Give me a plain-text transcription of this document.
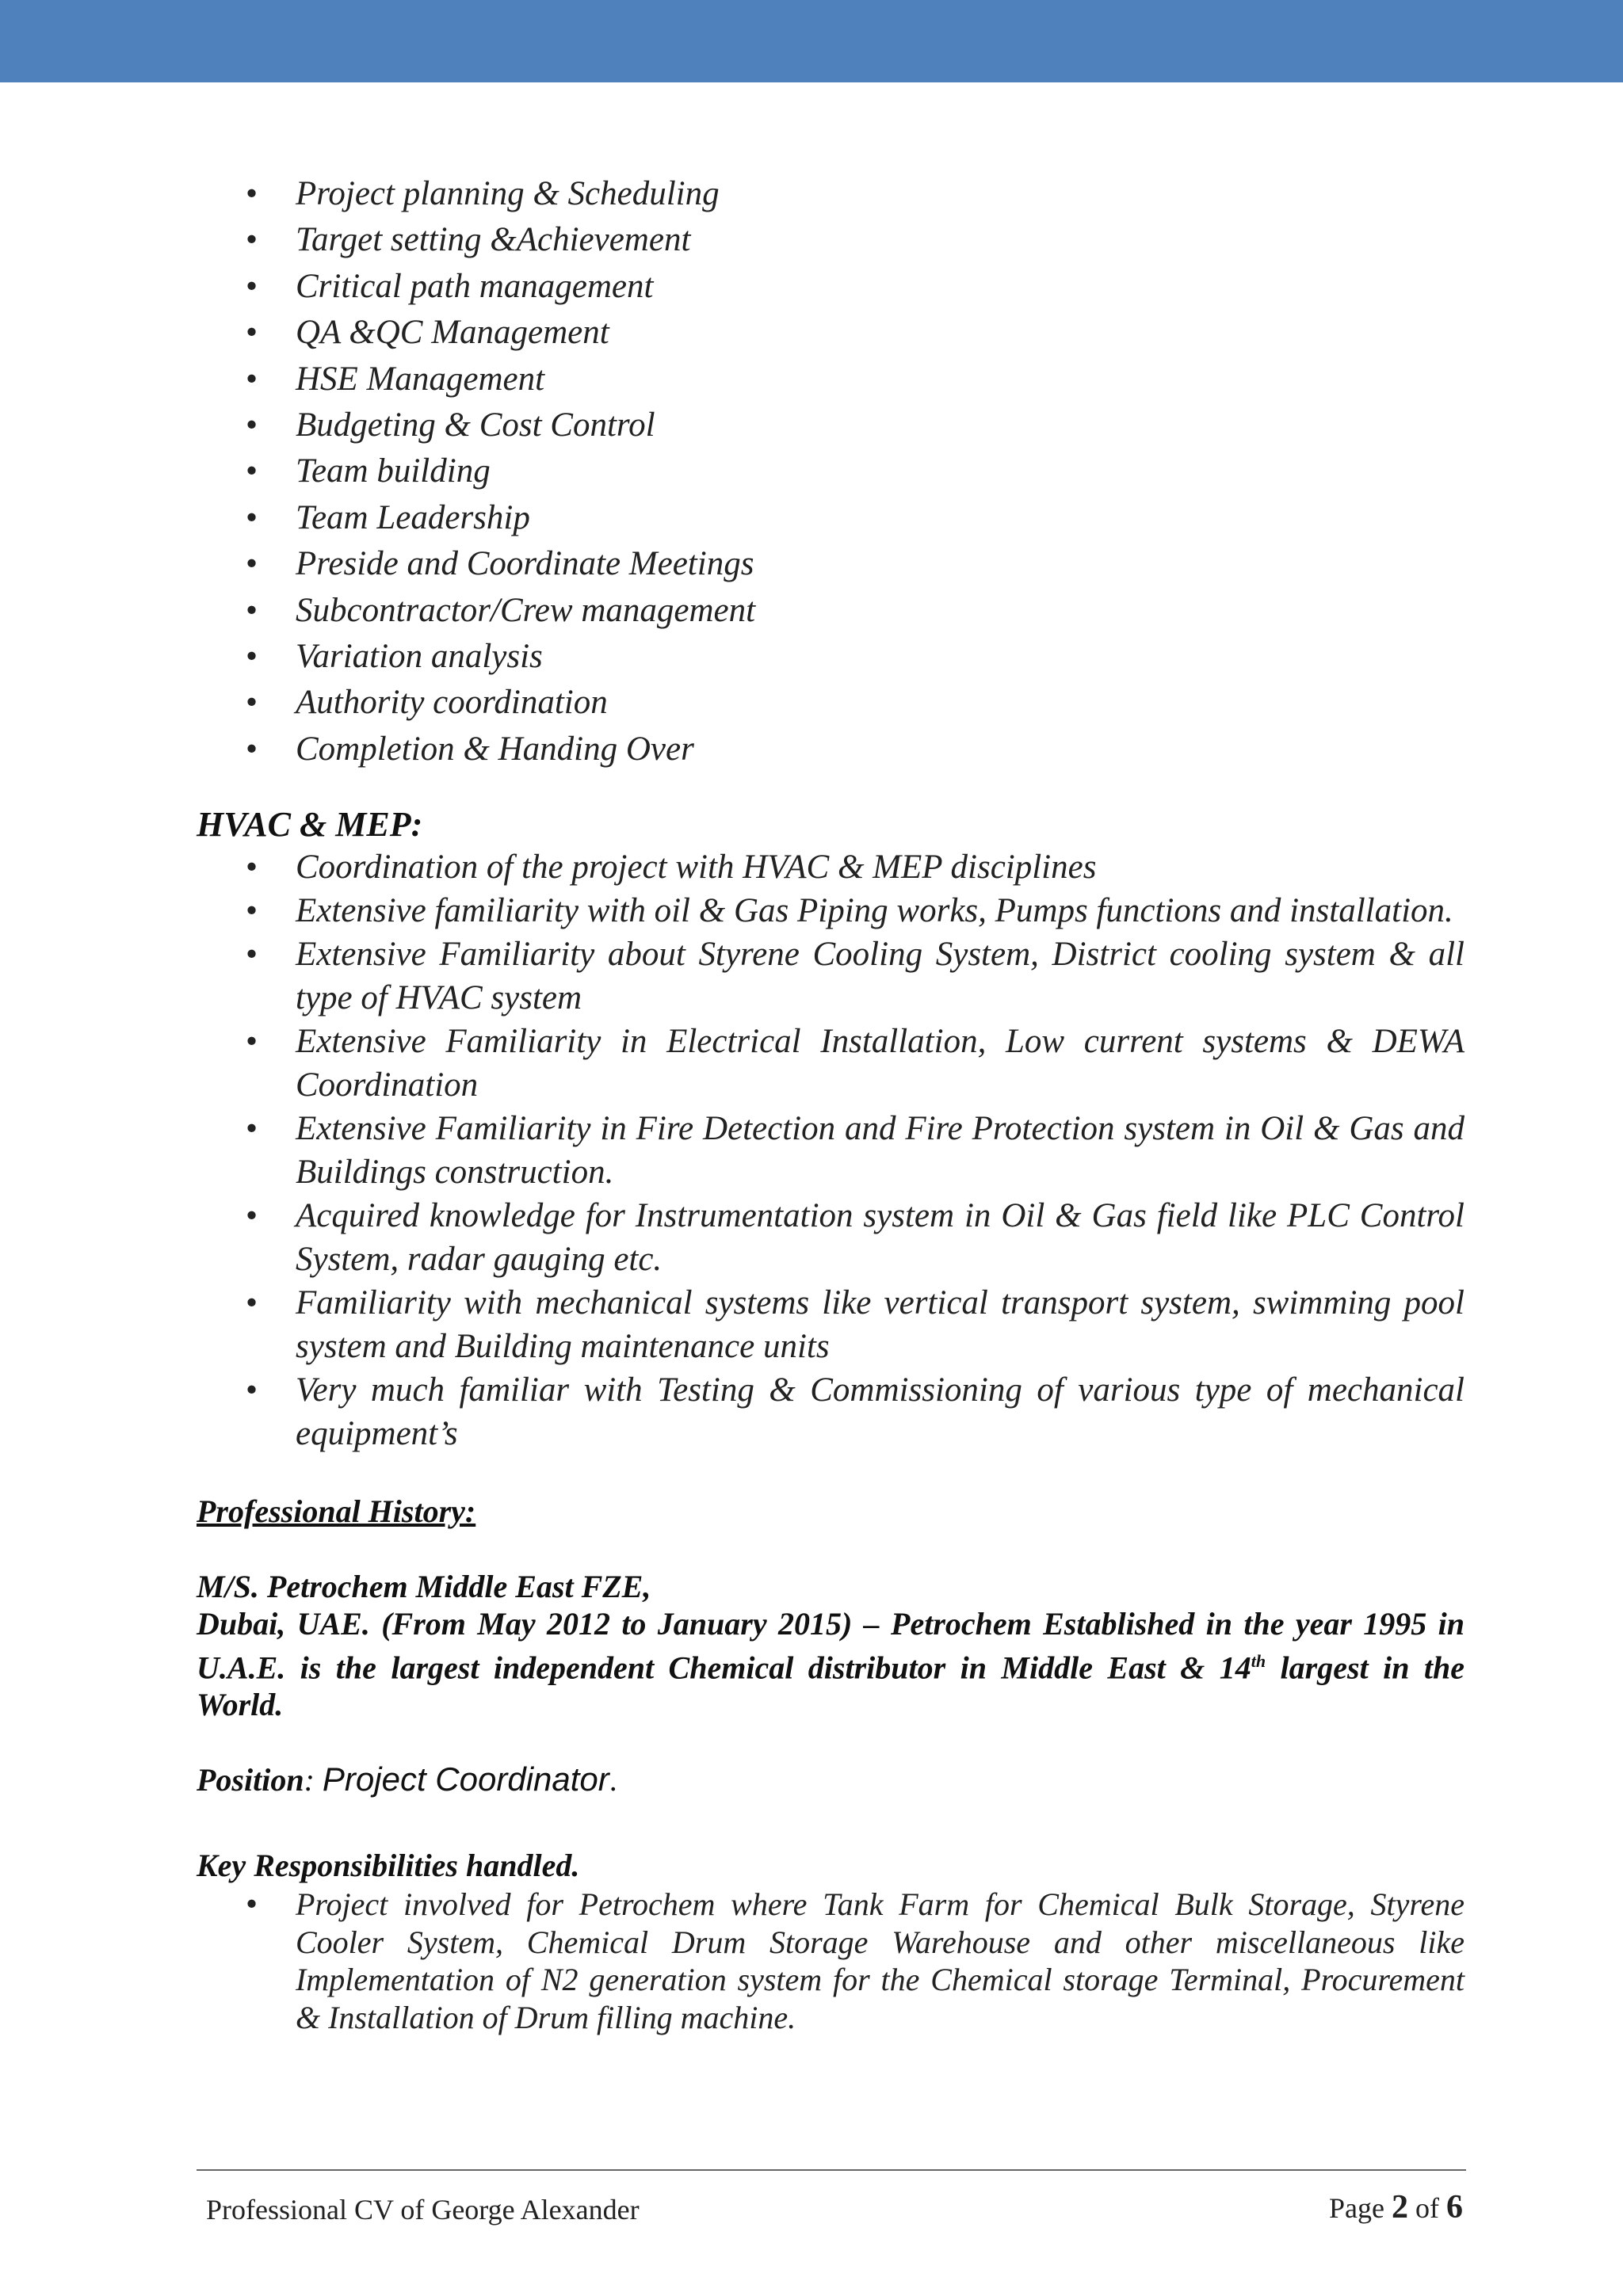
• Project planning & Scheduling
• Target setting &Achievement
• Critical path management
• QA &QC Management
• HSE Management
• Budgeting & Cost Control
• Team building
• Team Leadership
• Preside and Coordinate Meetings
• Subcontractor/Crew management
• Variation analysis
• Authority coordination
• Completion & Handing Over
HVAC & MEP:
• Coordination of the project with HVAC & MEP disciplines
• Extensive familiarity with oil & Gas Piping works, Pumps functions and installation.
• Extensive Familiarity about Styrene Cooling System, District cooling system & all type of HVAC system
• Extensive Familiarity in Electrical Installation, Low current systems & DEWA Coordination
• Extensive Familiarity in Fire Detection and Fire Protection system in Oil & Gas and Buildings construction.
• Acquired knowledge for Instrumentation system in Oil & Gas field like PLC Control System, radar gauging etc.
• Familiarity with mechanical systems like vertical transport system, swimming pool system and Building maintenance units
• Very much familiar with Testing & Commissioning of various type of mechanical equipment’s
Professional History:

M/S. Petrochem Middle East FZE,

Dubai, UAE. (From May 2012 to January 2015) – Petrochem Established in the year 1995 in U.A.E. is the largest independent Chemical distributor in Middle East & 14th largest in the World.

Position: Project Coordinator.
Key Responsibilities handled.
• Project involved for Petrochem where Tank Farm for Chemical Bulk Storage, Styrene Cooler System, Chemical Drum Storage Warehouse and other miscellaneous like Implementation of N2 generation system for the Chemical storage Terminal, Procurement & Installation of Drum filling machine.
Professional CV of George Alexander	Page 2 of 6
